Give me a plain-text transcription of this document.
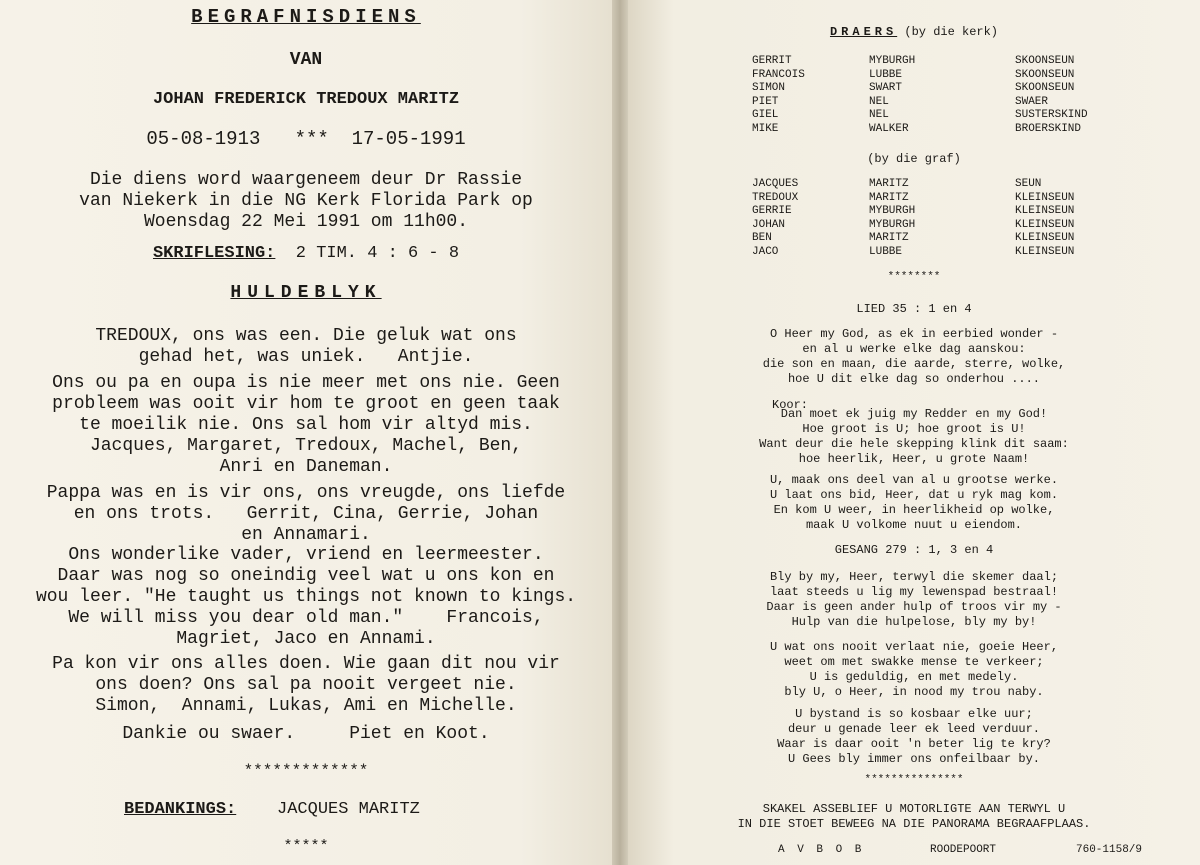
BEGRAFNISDIENS
VAN
JOHAN FREDERICK TREDOUX MARITZ
05-08-1913   ***  17-05-1991
Die diens word waargeneem deur Dr Rassie
van Niekerk in die NG Kerk Florida Park op
Woensdag 22 Mei 1991 om 11h00.
SKRIFLESING:  2 TIM. 4 : 6 - 8
HULDEBLYK
TREDOUX, ons was een. Die geluk wat ons
gehad het, was uniek.   Antjie.
Ons ou pa en oupa is nie meer met ons nie. Geen
probleem was ooit vir hom te groot en geen taak
te moeilik nie. Ons sal hom vir altyd mis.
Jacques, Margaret, Tredoux, Machel, Ben,
Anri en Daneman.
Pappa was en is vir ons, ons vreugde, ons liefde
en ons trots.   Gerrit, Cina, Gerrie, Johan
en Annamari.
Ons wonderlike vader, vriend en leermeester.
Daar was nog so oneindig veel wat u ons kon en
wou leer. "He taught us things not known to kings.
We will miss you dear old man."    Francois,
Magriet, Jaco en Annami.
Pa kon vir ons alles doen. Wie gaan dit nou vir
ons doen? Ons sal pa nooit vergeet nie.
Simon,  Annami, Lukas, Ami en Michelle.
Dankie ou swaer.     Piet en Koot.
*************
BEDANKINGS:    JACQUES MARITZ
*****
DRAERS (by die kerk)
GERRIT	MYBURGH	SKOONSEUN
FRANCOIS	LUBBE	SKOONSEUN
SIMON	SWART	SKOONSEUN
PIET	NEL	SWAER
GIEL	NEL	SUSTERSKIND
MIKE	WALKER	BROERSKIND
(by die graf)
JACQUES	MARITZ	SEUN
TREDOUX	MARITZ	KLEINSEUN
GERRIE	MYBURGH	KLEINSEUN
JOHAN	MYBURGH	KLEINSEUN
BEN	MARITZ	KLEINSEUN
JACO	LUBBE	KLEINSEUN
********
LIED 35 : 1 en 4
O Heer my God, as ek in eerbied wonder -
en al u werke elke dag aanskou:
die son en maan, die aarde, sterre, wolke,
hoe U dit elke dag so onderhou ....
Koor:
Dan moet ek juig my Redder en my God!
Hoe groot is U; hoe groot is U!
Want deur die hele skepping klink dit saam:
hoe heerlik, Heer, u grote Naam!
U, maak ons deel van al u grootse werke.
U laat ons bid, Heer, dat u ryk mag kom.
En kom U weer, in heerlikheid op wolke,
maak U volkome nuut u eiendom.
GESANG 279 : 1, 3 en 4
Bly by my, Heer, terwyl die skemer daal;
laat steeds u lig my lewenspad bestraal!
Daar is geen ander hulp of troos vir my -
Hulp van die hulpelose, bly my by!
U wat ons nooit verlaat nie, goeie Heer,
weet om met swakke mense te verkeer;
U is geduldig, en met medely.
bly U, o Heer, in nood my trou naby.
U bystand is so kosbaar elke uur;
deur u genade leer ek leed verduur.
Waar is daar ooit 'n beter lig te kry?
U Gees bly immer ons onfeilbaar by.
***************
SKAKEL ASSEBLIEF U MOTORLIGTE AAN TERWYL U
IN DIE STOET BEWEEG NA DIE PANORAMA BEGRAAFPLAAS.
A V B O B	ROODEPOORT	760-1158/9
